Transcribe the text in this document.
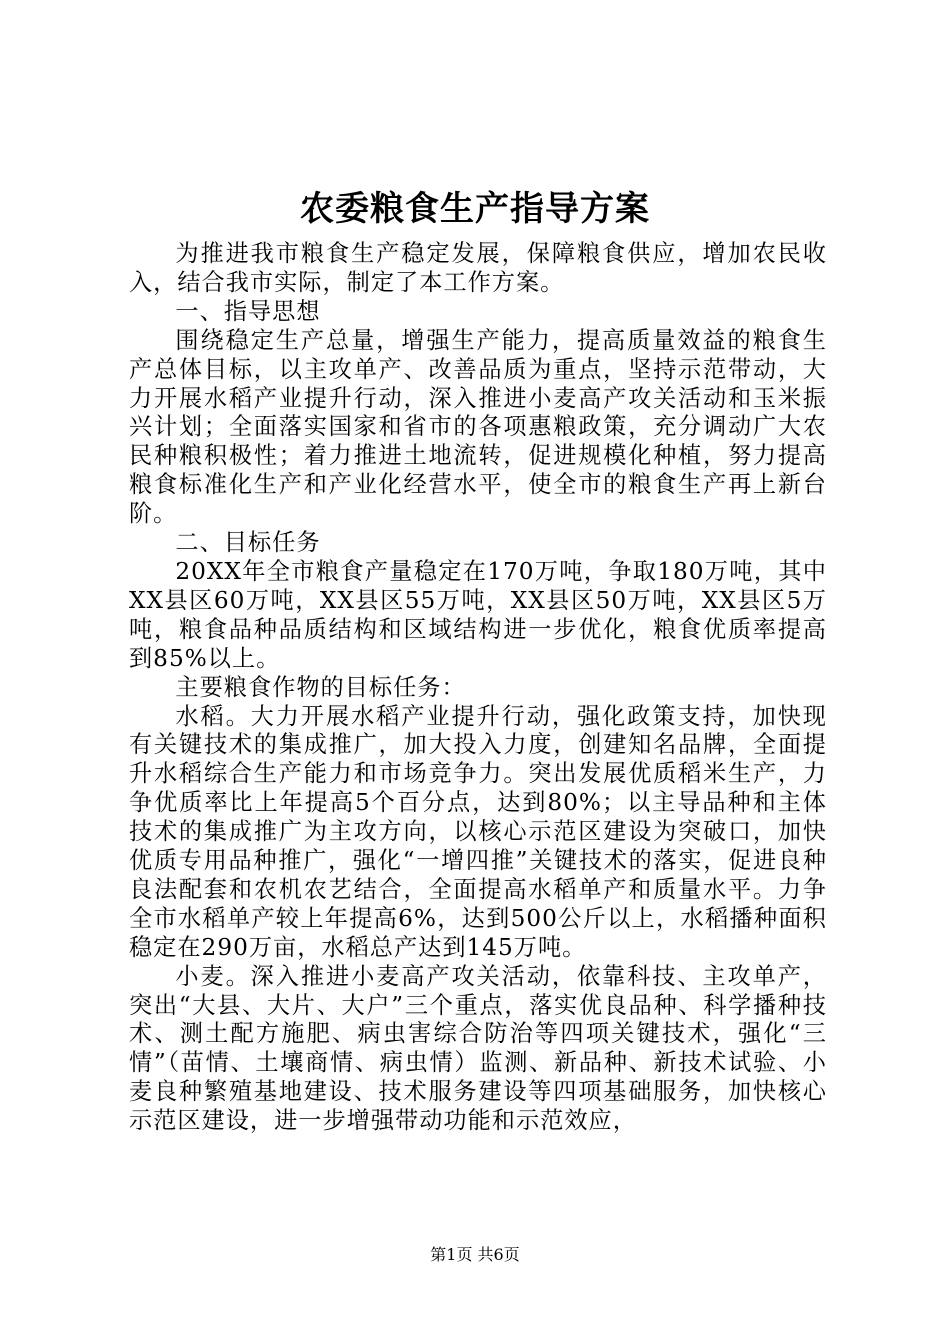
农委粮食生产指导方案

为推进我市粮食生产稳定发展，保障粮食供应，增加农民收入，结合我市实际，制定了本工作方案。

一、指导思想

围绕稳定生产总量，增强生产能力，提高质量效益的粮食生产总体目标，以主攻单产、改善品质为重点，坚持示范带动，大力开展水稻产业提升行动，深入推进小麦高产攻关活动和玉米振兴计划；全面落实国家和省市的各项惠粮政策，充分调动广大农民种粮积极性；着力推进土地流转，促进规模化种植，努力提高粮食标准化生产和产业化经营水平，使全市的粮食生产再上新台阶。

二、目标任务

20XX年全市粮食产量稳定在170万吨，争取180万吨，其中XX县区60万吨，XX县区55万吨，XX县区50万吨，XX县区5万吨，粮食品种品质结构和区域结构进一步优化，粮食优质率提高到85%以上。

主要粮食作物的目标任务：

水稻。大力开展水稻产业提升行动，强化政策支持，加快现有关键技术的集成推广，加大投入力度，创建知名品牌，全面提升水稻综合生产能力和市场竞争力。突出发展优质稻米生产，力争优质率比上年提高5个百分点，达到80%；以主导品种和主体技术的集成推广为主攻方向，以核心示范区建设为突破口，加快优质专用品种推广，强化“一增四推”关键技术的落实，促进良种良法配套和农机农艺结合，全面提高水稻单产和质量水平。力争全市水稻单产较上年提高6%，达到500公斤以上，水稻播种面积稳定在290万亩，水稻总产达到145万吨。

小麦。深入推进小麦高产攻关活动，依靠科技、主攻单产，突出“大县、大片、大户”三个重点，落实优良品种、科学播种技术、测土配方施肥、病虫害综合防治等四项关键技术，强化“三情”（苗情、土壤商情、病虫情）监测、新品种、新技术试验、小麦良种繁殖基地建设、技术服务建设等四项基础服务，加快核心示范区建设，进一步增强带动功能和示范效应，

第1页 共6页
